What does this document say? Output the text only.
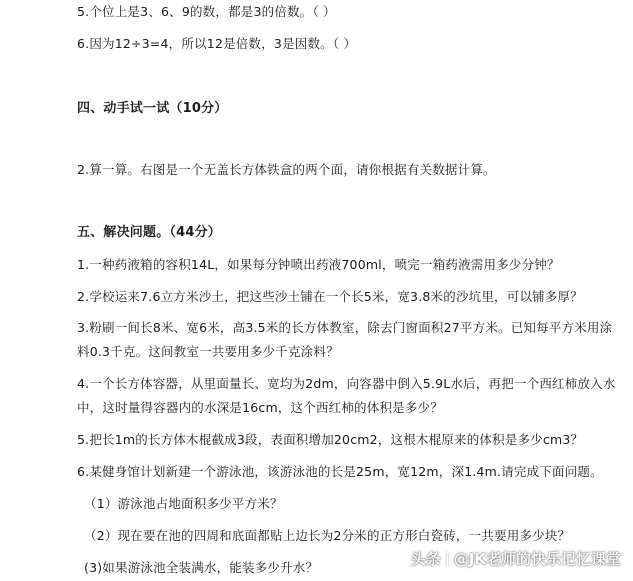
5.个位上是3、6、9的数，都是3的倍数。（ ）
6.因为12÷3=4，所以12是倍数，3是因数。（ ）
四、动手试一试（10分）
2.算一算。右图是一个无盖长方体铁盒的两个面，请你根据有关数据计算。
五、解决问题。（44分）
1.一种药液箱的容积14L，如果每分钟喷出药液700ml，喷完一箱药液需用多少分钟？
2.学校运来7.6立方米沙土，把这些沙土铺在一个长5米，宽3.8米的沙坑里，可以铺多厚？
3.粉刷一间长8米、宽6米，高3.5米的长方体教室，除去门窗面积27平方米。已知每平方米用涂
料0.3千克。这间教室一共要用多少千克涂料？
4.一个长方体容器，从里面量长、宽均为2dm，向容器中倒入5.9L水后，再把一个西红柿放入水
中，这时量得容器内的水深是16cm，这个西红柿的体积是多少？
5.把长1m的长方体木棍截成3段，表面积增加20cm2，这根木棍原来的体积是多少cm3？
6.某健身馆计划新建一个游泳池，该游泳池的长是25m，宽12m，深1.4m.请完成下面问题。
（1）游泳池占地面积多少平方米？
（2）现在要在池的四周和底面都贴上边长为2分米的正方形白瓷砖，一共要用多少块？
(3)如果游泳池全装满水，能装多少升水？	头条 @JK老师的快乐记忆课堂
